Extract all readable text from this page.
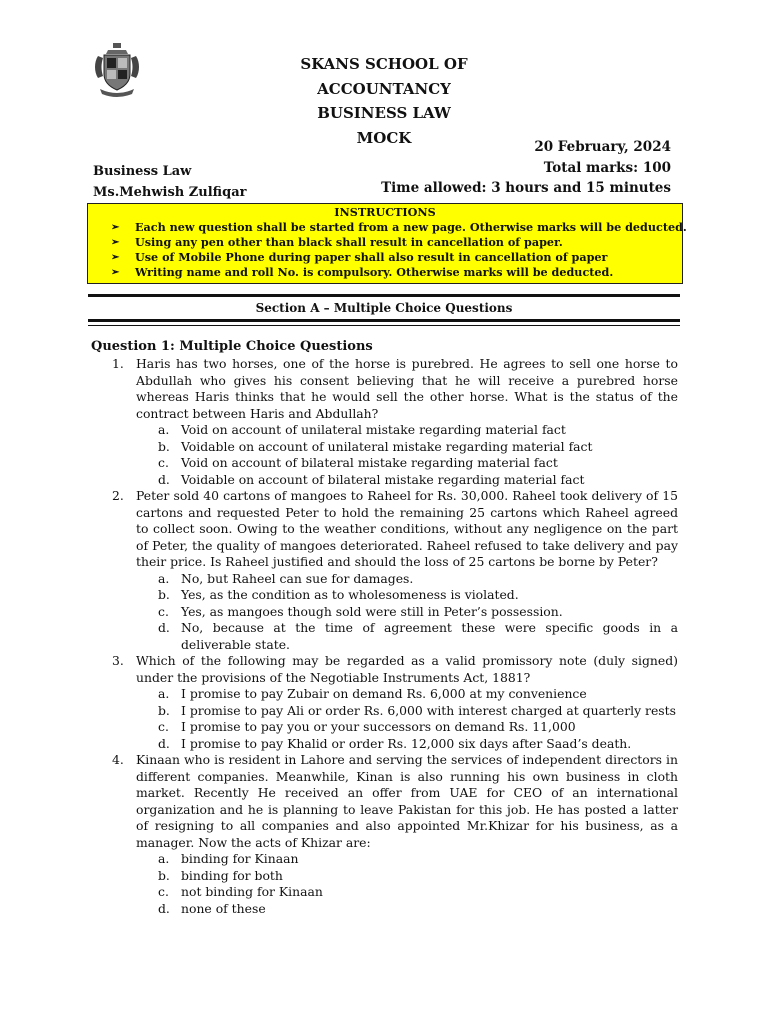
SKANS SCHOOL OF ACCOUNTANCY
BUSINESS LAW
MOCK
20 February, 2024
Total marks: 100
Time allowed: 3 hours and 15 minutes
Business Law
Ms.Mehwish Zulfiqar
INSTRUCTIONS
➢ Each new question shall be started from a new page. Otherwise marks will be deducted.
➢ Using any pen other than black shall result in cancellation of paper.
➢ Use of Mobile Phone during paper shall also result in cancellation of paper
➢ Writing name and roll No. is compulsory. Otherwise marks will be deducted.
Section A – Multiple Choice Questions
Question 1: Multiple Choice Questions
1. Haris has two horses, one of the horse is purebred. He agrees to sell one horse to Abdullah who gives his consent believing that he will receive a purebred horse whereas Haris thinks that he would sell the other horse. What is the status of the contract between Haris and Abdullah?
a. Void on account of unilateral mistake regarding material fact
b. Voidable on account of unilateral mistake regarding material fact
c. Void on account of bilateral mistake regarding material fact
d. Voidable on account of bilateral mistake regarding material fact
2. Peter sold 40 cartons of mangoes to Raheel for Rs. 30,000. Raheel took delivery of 15 cartons and requested Peter to hold the remaining 25 cartons which Raheel agreed to collect soon. Owing to the weather conditions, without any negligence on the part of Peter, the quality of mangoes deteriorated. Raheel refused to take delivery and pay their price. Is Raheel justified and should the loss of 25 cartons be borne by Peter?
a. No, but Raheel can sue for damages.
b. Yes, as the condition as to wholesomeness is violated.
c. Yes, as mangoes though sold were still in Peter’s possession.
d. No, because at the time of agreement these were specific goods in a deliverable state.
3. Which of the following may be regarded as a valid promissory note (duly signed) under the provisions of the Negotiable Instruments Act, 1881?
a. I promise to pay Zubair on demand Rs. 6,000 at my convenience
b. I promise to pay Ali or order Rs. 6,000 with interest charged at quarterly rests
c. I promise to pay you or your successors on demand Rs. 11,000
d. I promise to pay Khalid or order Rs. 12,000 six days after Saad’s death.
4. Kinaan who is resident in Lahore and serving the services of independent directors in different companies. Meanwhile, Kinan is also running his own business in cloth market. Recently He received an offer from UAE for CEO of an international organization and he is planning to leave Pakistan for this job. He has posted a latter of resigning to all companies and also appointed Mr.Khizar for his business, as a manager. Now the acts of Khizar are:
a. binding for Kinaan
b. binding for both
c. not binding for Kinaan
d. none of these
